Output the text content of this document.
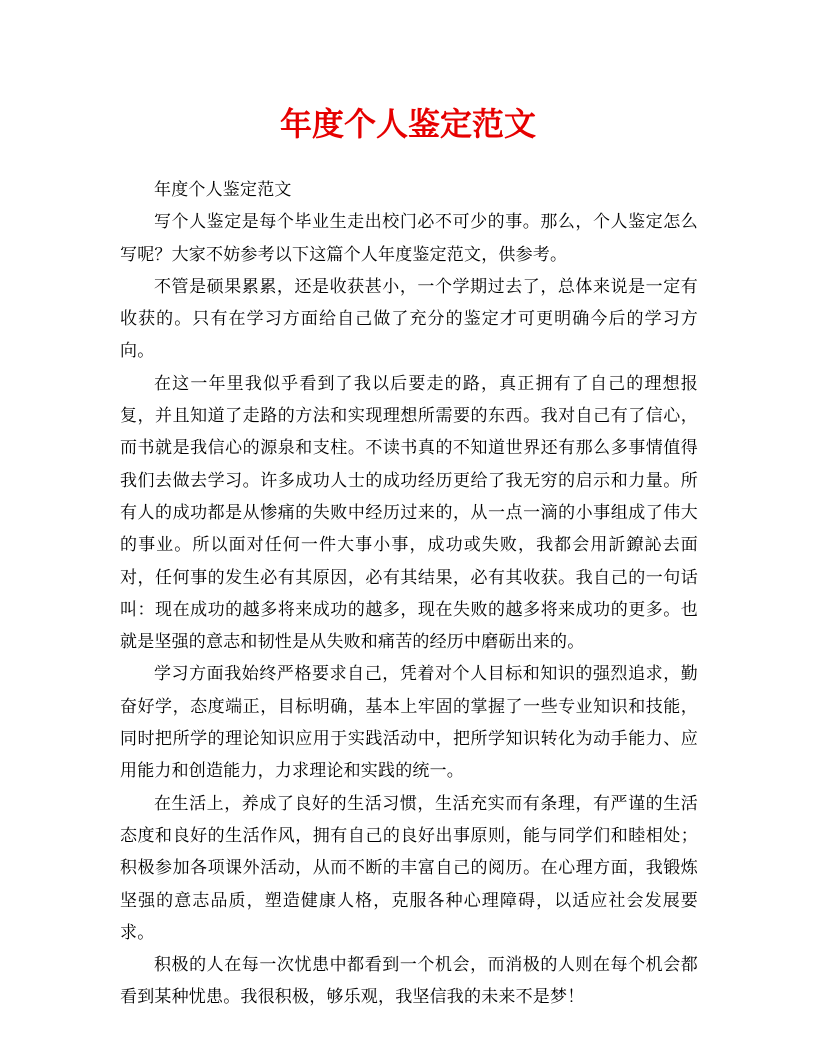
年度个人鉴定范文

年度个人鉴定范文

写个人鉴定是每个毕业生走出校门必不可少的事。那么，个人鉴定怎么写呢？大家不妨参考以下这篇个人年度鉴定范文，供参考。

不管是硕果累累，还是收获甚小，一个学期过去了，总体来说是一定有收获的。只有在学习方面给自己做了充分的鉴定才可更明确今后的学习方向。

在这一年里我似乎看到了我以后要走的路，真正拥有了自己的理想报复，并且知道了走路的方法和实现理想所需要的东西。我对自己有了信心，而书就是我信心的源泉和支柱。不读书真的不知道世界还有那么多事情值得我们去做去学习。许多成功人士的成功经历更给了我无穷的启示和力量。所有人的成功都是从惨痛的失败中经历过来的，从一点一滴的小事组成了伟大的事业。所以面对任何一件大事小事，成功或失败，我都会用訢鐐訫去面对，任何事的发生必有其原因，必有其结果，必有其收获。我自己的一句话叫：现在成功的越多将来成功的越多，现在失败的越多将来成功的更多。也就是坚强的意志和韧性是从失败和痛苦的经历中磨砺出来的。

学习方面我始终严格要求自己，凭着对个人目标和知识的强烈追求，勤奋好学，态度端正，目标明确，基本上牢固的掌握了一些专业知识和技能，同时把所学的理论知识应用于实践活动中，把所学知识转化为动手能力、应用能力和创造能力，力求理论和实践的统一。

在生活上，养成了良好的生活习惯，生活充实而有条理，有严谨的生活态度和良好的生活作风，拥有自己的良好出事原则，能与同学们和睦相处；积极参加各项课外活动，从而不断的丰富自己的阅历。在心理方面，我锻炼坚强的意志品质，塑造健康人格，克服各种心理障碍，以适应社会发展要求。

积极的人在每一次忧患中都看到一个机会，而消极的人则在每个机会都看到某种忧患。我很积极，够乐观，我坚信我的未来不是梦！
